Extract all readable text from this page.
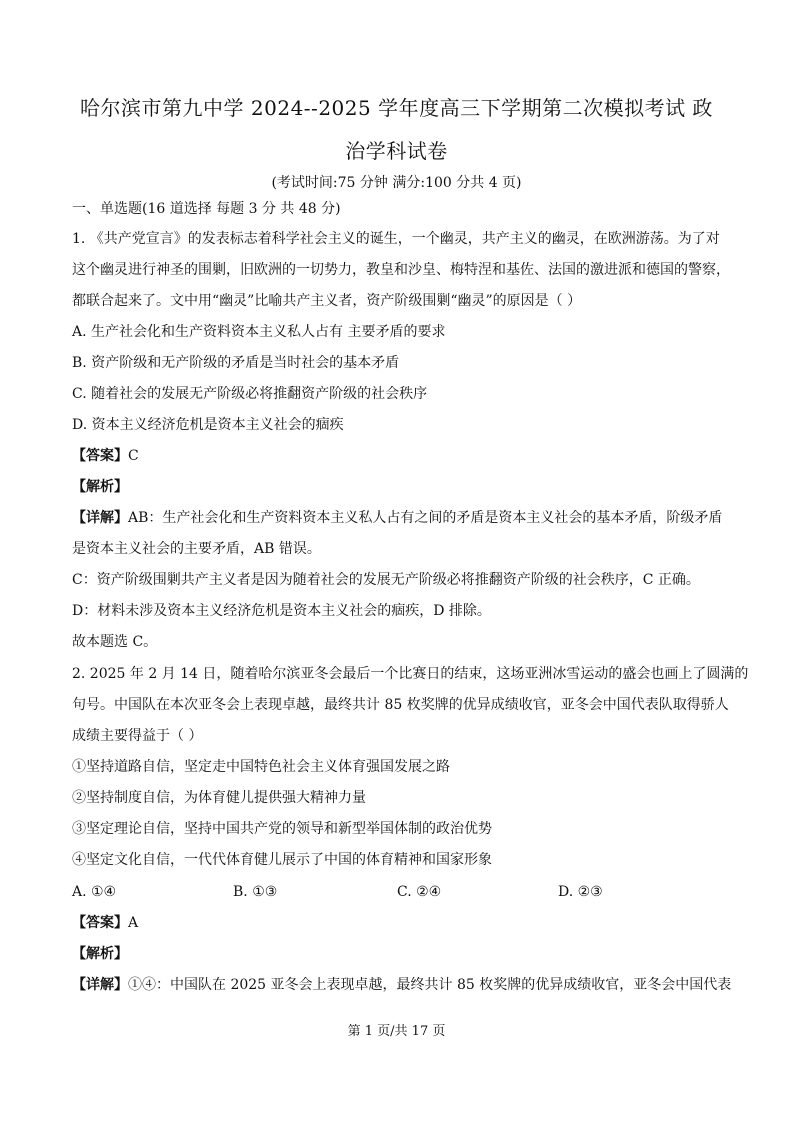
哈尔滨市第九中学 2024--2025 学年度高三下学期第二次模拟考试 政
治学科试卷
(考试时间:75 分钟 满分:100 分共 4 页)
一、单选题(16 道选择 每题 3 分 共 48 分)
1. 《共产党宣言》的发表标志着科学社会主义的诞生，一个幽灵，共产主义的幽灵，在欧洲游荡。为了对
这个幽灵进行神圣的围剿，旧欧洲的一切势力，教皇和沙皇、梅特涅和基佐、法国的激进派和德国的警察，
都联合起来了。文中用“幽灵”比喻共产主义者，资产阶级围剿“幽灵”的原因是（ ）
A. 生产社会化和生产资料资本主义私人占有 主要矛盾的要求
B. 资产阶级和无产阶级的矛盾是当时社会的基本矛盾
C. 随着社会的发展无产阶级必将推翻资产阶级的社会秩序
D. 资本主义经济危机是资本主义社会的痼疾
【答案】C
【解析】
【详解】AB：生产社会化和生产资料资本主义私人占有之间的矛盾是资本主义社会的基本矛盾，阶级矛盾
是资本主义社会的主要矛盾，AB 错误。
C：资产阶级围剿共产主义者是因为随着社会的发展无产阶级必将推翻资产阶级的社会秩序，C 正确。
D：材料未涉及资本主义经济危机是资本主义社会的痼疾，D 排除。
故本题选 C。
2. 2025 年 2 月 14 日，随着哈尔滨亚冬会最后一个比赛日的结束，这场亚洲冰雪运动的盛会也画上了圆满的
句号。中国队在本次亚冬会上表现卓越，最终共计 85 枚奖牌的优异成绩收官，亚冬会中国代表队取得骄人
成绩主要得益于（ ）
①坚持道路自信，坚定走中国特色社会主义体育强国发展之路
②坚持制度自信，为体育健儿提供强大精神力量
③坚定理论自信，坚持中国共产党的领导和新型举国体制的政治优势
④坚定文化自信，一代代体育健儿展示了中国的体育精神和国家形象
A. ①④	B. ①③	C. ②④	D. ②③
【答案】A
【解析】
【详解】①④：中国队在 2025 亚冬会上表现卓越，最终共计 85 枚奖牌的优异成绩收官，亚冬会中国代表
第 1 页/共 17 页
